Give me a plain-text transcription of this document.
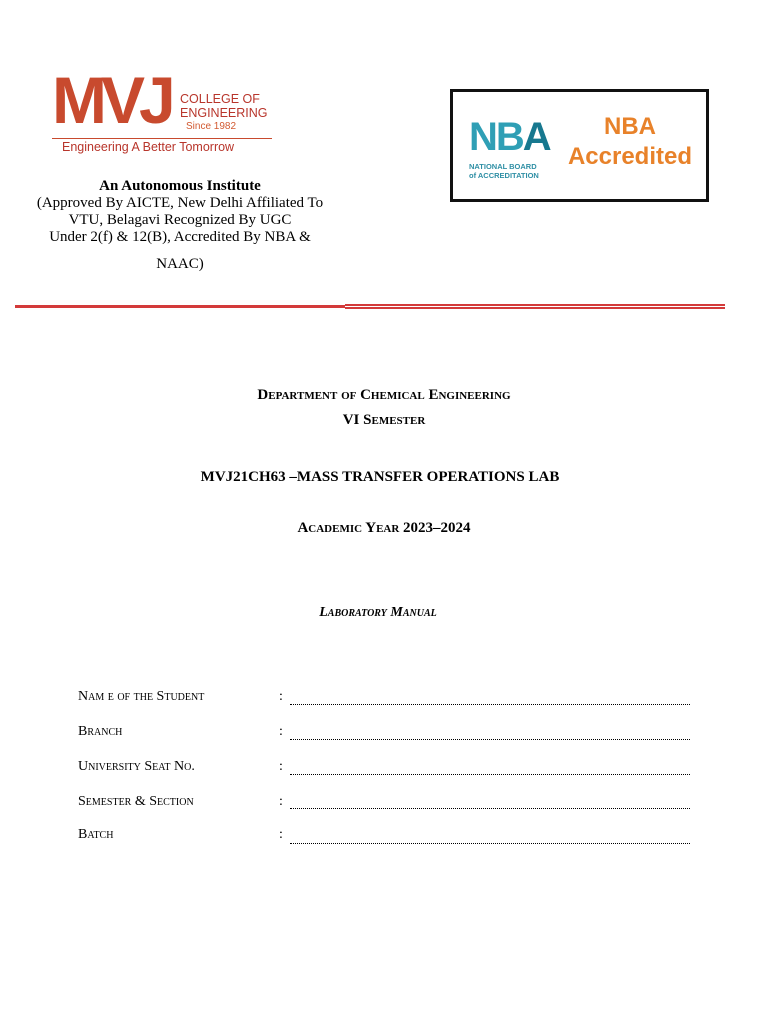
MVJ COLLEGE OF
ENGINEERING
Since 1982
Engineering A Better Tomorrow
An Autonomous Institute
(Approved By AICTE, New Delhi Affiliated To
VTU, Belagavi Recognized By UGC
Under 2(f) & 12(B), Accredited By NBA &
NAAC)
NBA
NATIONAL BOARD
of ACCREDITATION
NBA
Accredited
Department of Chemical Engineering
VI Semester
MVJ21CH63 –MASS TRANSFER OPERATIONS LAB
Academic Year 2023–2024
Laboratory Manual
Nam e of the Student	:
Branch	:
University Seat No.	:
Semester & Section	:
Batch	:
